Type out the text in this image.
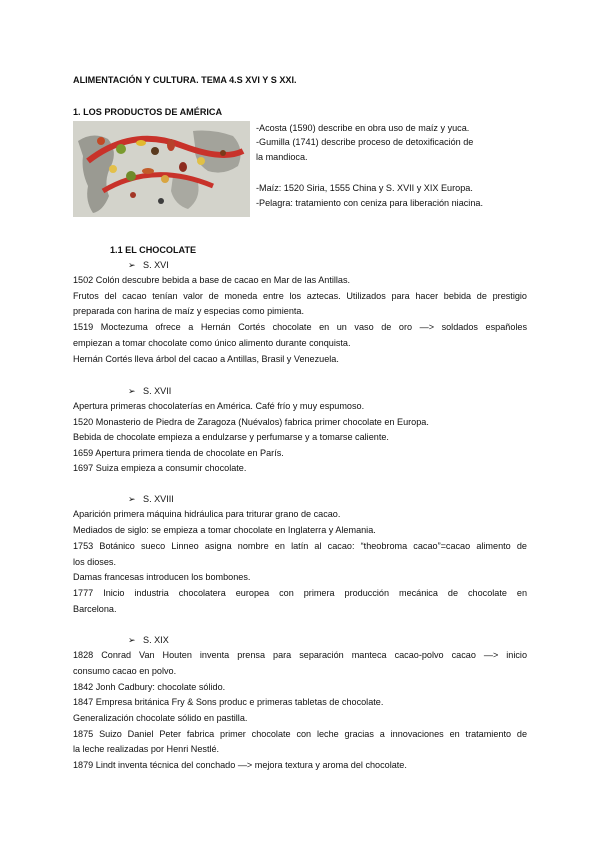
ALIMENTACIÓN Y CULTURA. TEMA 4.S XVI Y S XXI.
1. LOS PRODUCTOS DE AMÉRICA
-Acosta (1590) describe en obra uso de maíz y yuca.
-Gumilla (1741) describe proceso de detoxificación de
la mandioca.
-Maíz: 1520 Siria, 1555 China y S. XVII y XIX Europa.
-Pelagra: tratamiento con ceniza para liberación niacina.
1.1 EL CHOCOLATE
➢ S. XVI
1502 Colón descubre bebida a base de cacao en Mar de las Antillas.
Frutos del cacao tenían valor de moneda entre los aztecas. Utilizados para hacer bebida de prestigio
preparada con harina de maíz y especias como pimienta.
1519 Moctezuma ofrece a Hernán Cortés chocolate en un vaso de oro —> soldados españoles
empiezan a tomar chocolate como único alimento durante conquista.
Hernán Cortés lleva árbol del cacao a Antillas, Brasil y Venezuela.
➢ S. XVII
Apertura primeras chocolaterías en América. Café frío y muy espumoso.
1520 Monasterio de Piedra de Zaragoza (Nuévalos) fabrica primer chocolate en Europa.
Bebida de chocolate empieza a endulzarse y perfumarse y a tomarse caliente.
1659 Apertura primera tienda de chocolate en París.
1697 Suiza empieza a consumir chocolate.
➢ S. XVIII
Aparición primera máquina hidráulica para triturar grano de cacao.
Mediados de siglo: se empieza a tomar chocolate en Inglaterra y Alemania.
1753 Botánico sueco Linneo asigna nombre en latín al cacao: “theobroma cacao”=cacao alimento de
los dioses.
Damas francesas introducen los bombones.
1777 Inicio industria chocolatera europea con primera producción mecánica de chocolate en
Barcelona.
➢ S. XIX
1828 Conrad Van Houten inventa prensa para separación manteca cacao-polvo cacao —> inicio
consumo cacao en polvo.
1842 Jonh Cadbury: chocolate sólido.
1847 Empresa británica Fry & Sons produc e primeras tabletas de chocolate.
Generalización chocolate sólido en pastilla.
1875 Suizo Daniel Peter fabrica primer chocolate con leche gracias a innovaciones en tratamiento de
la leche realizadas por Henri Nestlé.
1879 Lindt inventa técnica del conchado —> mejora textura y aroma del chocolate.
